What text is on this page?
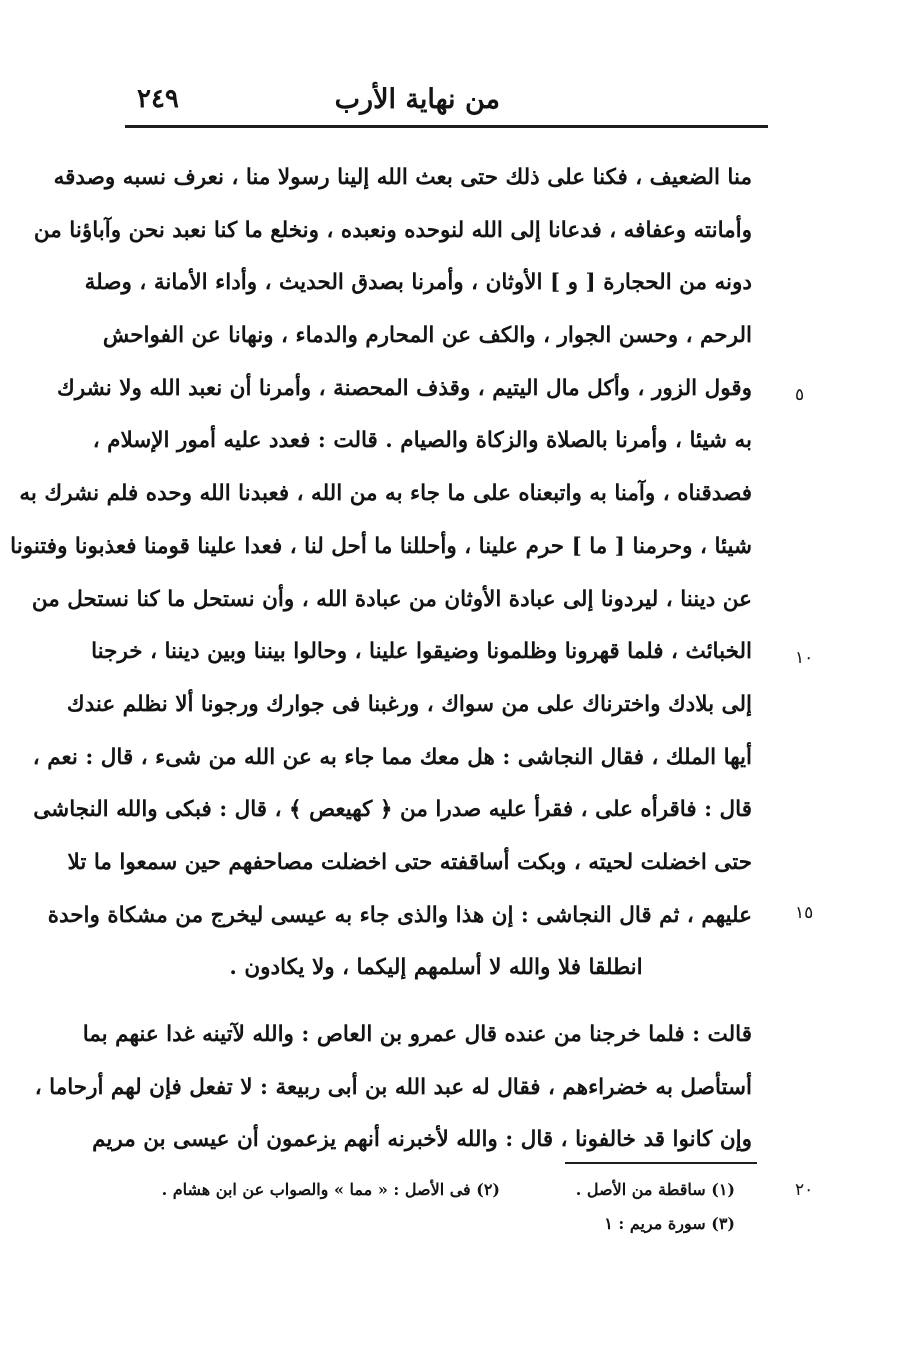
من نهاية الأرب
٢٤٩
منا الضعيف ، فكنا على ذلك حتى بعث الله إلينا رسولا منا ، نعرف نسبه وصدقه
وأمانته وعفافه ، فدعانا إلى الله لنوحده ونعبده ، ونخلع ما كنا نعبد نحن وآباؤنا من
دونه من الحجارة [ و ] الأوثان ، وأمرنا بصدق الحديث ، وأداء الأمانة ، وصلة
الرحم ، وحسن الجوار ، والكف عن المحارم والدماء ، ونهانا عن الفواحش
وقول الزور ، وأكل مال اليتيم ، وقذف المحصنة ، وأمرنا أن نعبد الله ولا نشرك
به شيئا ، وأمرنا بالصلاة والزكاة والصيام . قالت : فعدد عليه أمور الإسلام ،
فصدقناه ، وآمنا به واتبعناه على ما جاء به من الله ، فعبدنا الله وحده فلم نشرك به
شيئا ، وحرمنا [ ما ] حرم علينا ، وأحللنا ما أحل لنا ، فعدا علينا قومنا فعذبونا وفتنونا
عن ديننا ، ليردونا إلى عبادة الأوثان من عبادة الله ، وأن نستحل ما كنا نستحل من
الخبائث ، فلما قهرونا وظلمونا وضيقوا علينا ، وحالوا بيننا وبين ديننا ، خرجنا
إلى بلادك واخترناك على من سواك ، ورغبنا فى جوارك ورجونا ألا نظلم عندك
أيها الملك ، فقال النجاشى : هل معك مما جاء به عن الله من شىء ، قال : نعم ،
قال : فاقرأه على ، فقرأ عليه صدرا من ﴿ كهيعص ﴾ ، قال : فبكى والله النجاشى
حتى اخضلت لحيته ، وبكت أساقفته حتى اخضلت مصاحفهم حين سمعوا ما تلا
عليهم ، ثم قال النجاشى : إن هذا والذى جاء به عيسى ليخرج من مشكاة واحدة
انطلقا فلا والله لا أسلمهم إليكما ، ولا يكادون .
قالت : فلما خرجنا من عنده قال عمرو بن العاص : والله لآتينه غدا عنهم بما
أستأصل به خضراءهم ، فقال له عبد الله بن أبى ربيعة : لا تفعل فإن لهم أرحاما ،
وإن كانوا قد خالفونا ، قال : والله لأخبرنه أنهم يزعمون أن عيسى بن مريم
٥
١٠
١٥
٢٠
(١) ساقطة من الأصل .
(٢) فى الأصل : « مما » والصواب عن ابن هشام .
(٣) سورة مريم : ١
